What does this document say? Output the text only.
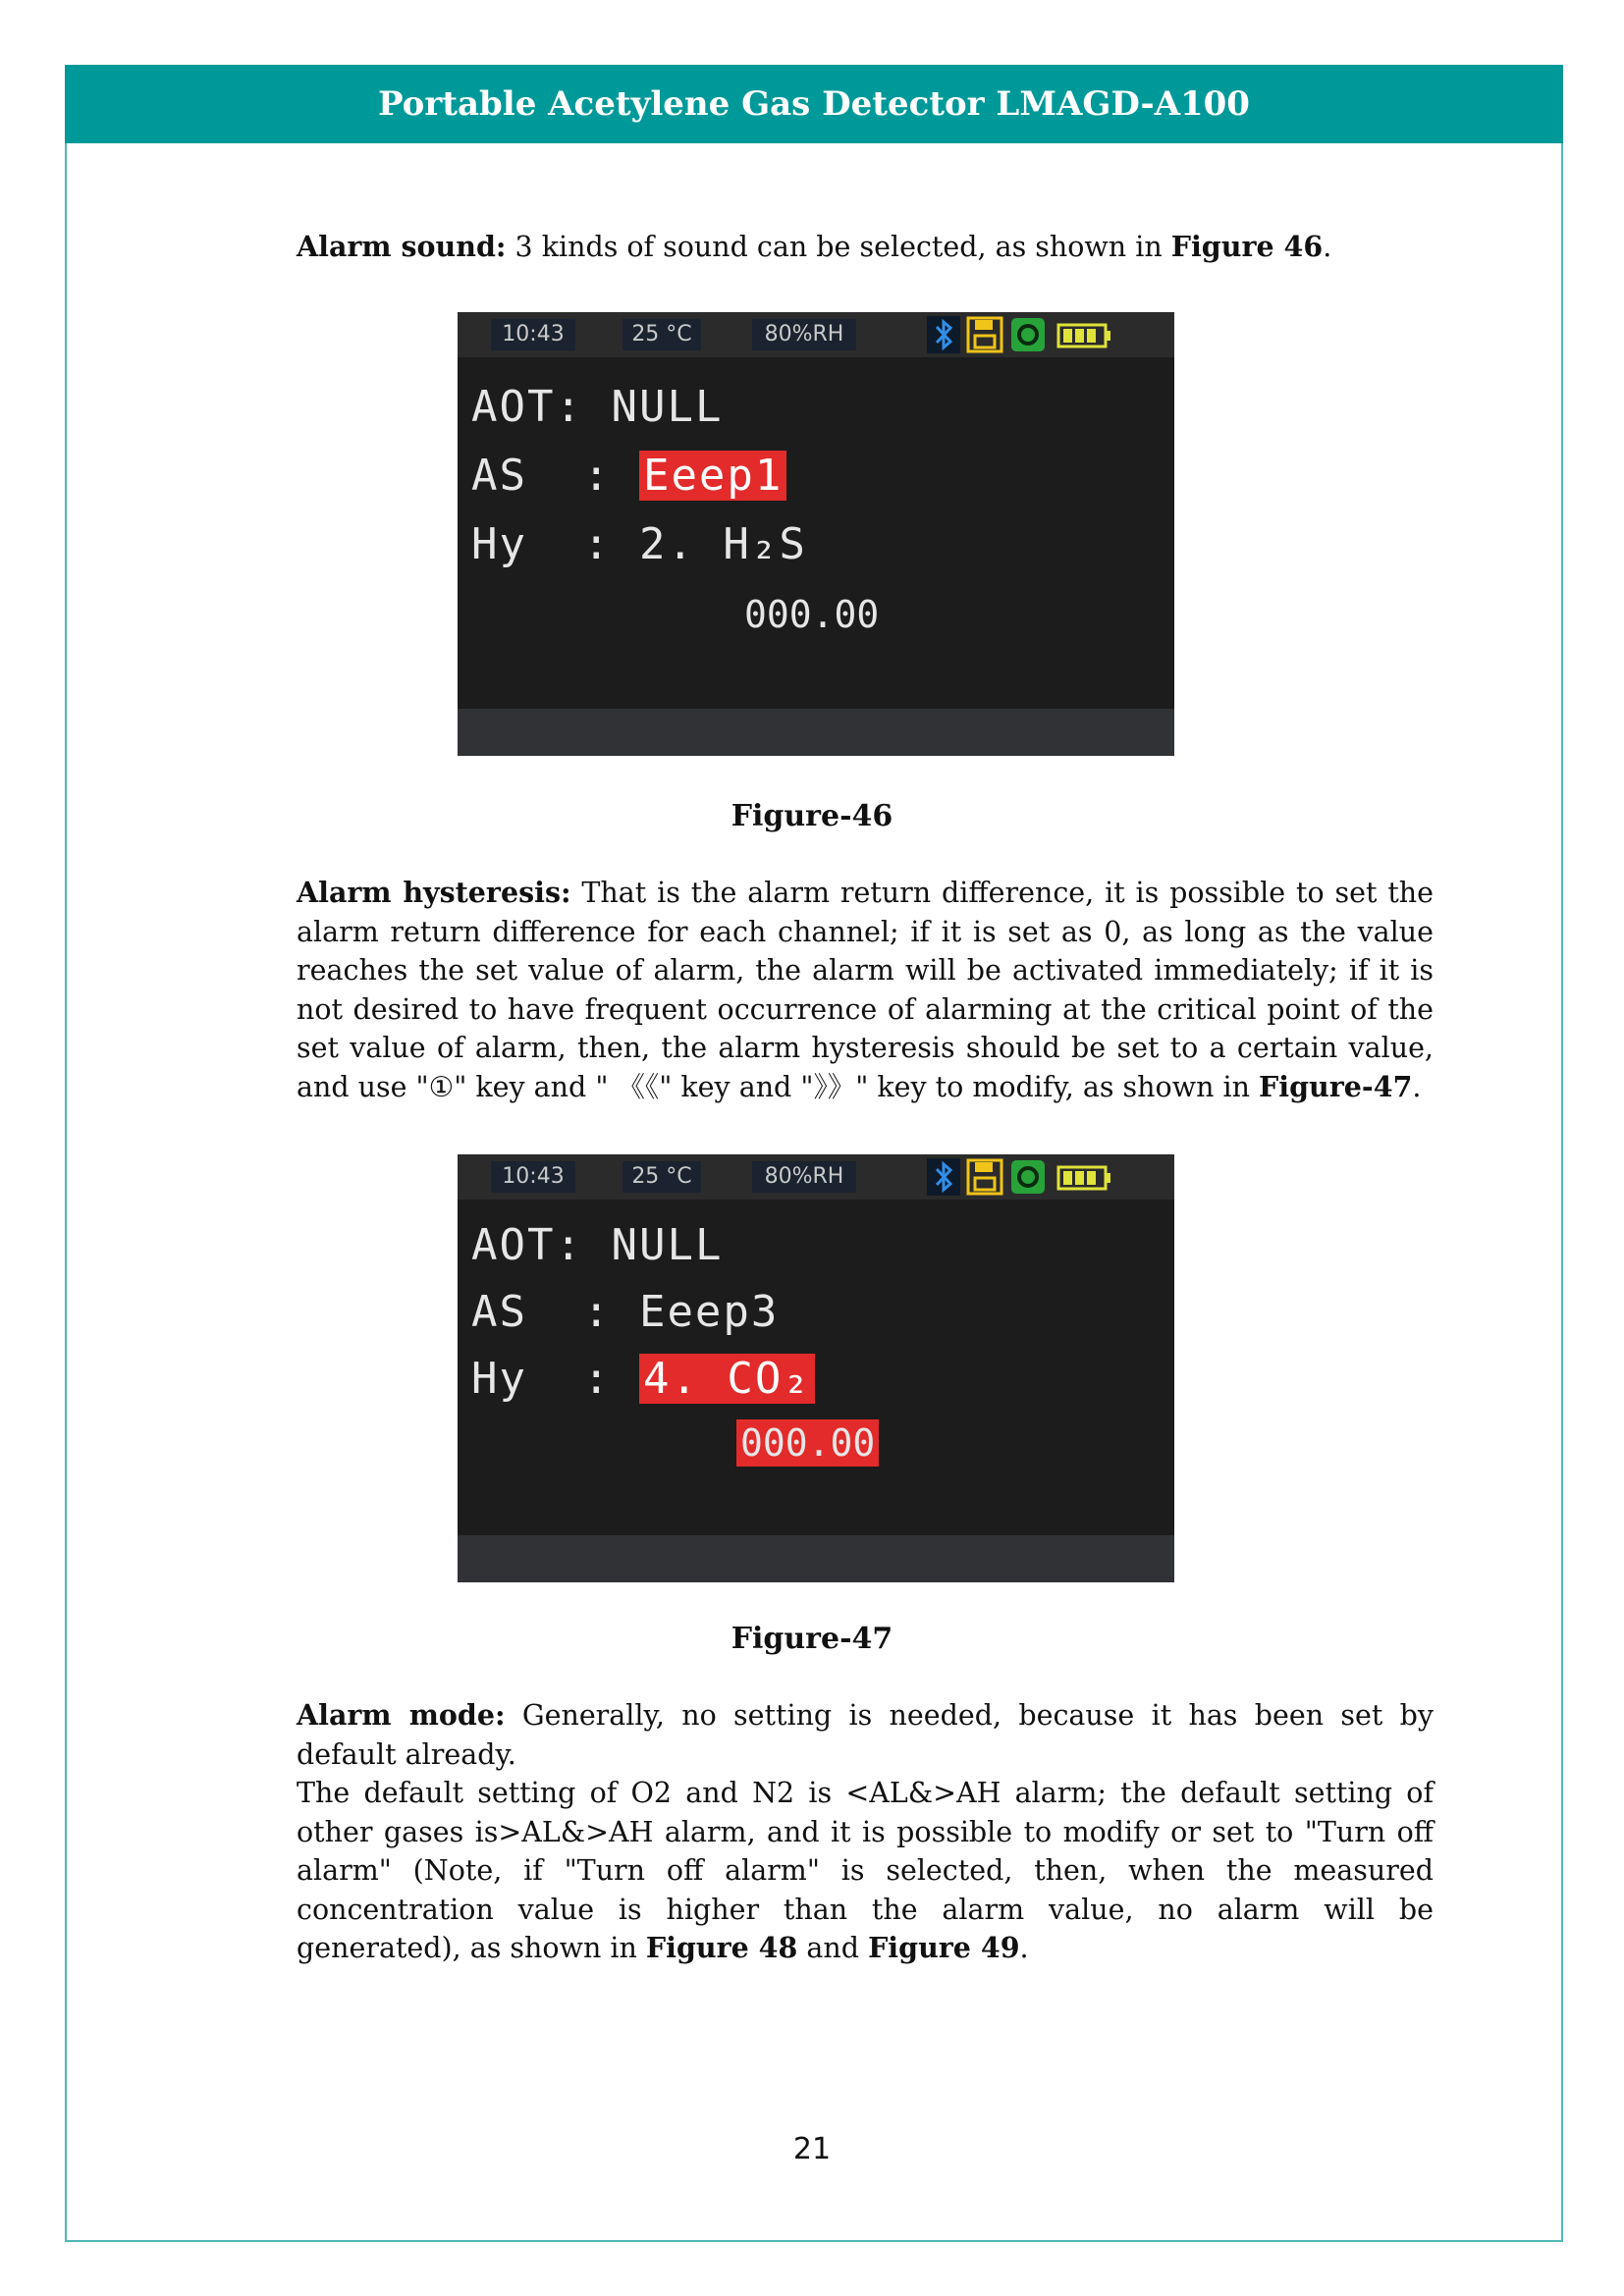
Portable Acetylene Gas Detector LMAGD-A100
Alarm sound: 3 kinds of sound can be selected, as shown in Figure 46.
10:43	25 °C	80%RH
AOT: NULL
AS  : Eeep1
Hy  : 2. H₂S
000.00
Figure-46
Alarm hysteresis: That is the alarm return difference, it is possible to set the alarm return difference for each channel; if it is set as 0, as long as the value reaches the set value of alarm, the alarm will be activated immediately; if it is not desired to have frequent occurrence of alarming at the critical point of the set value of alarm, then, the alarm hysteresis should be set to a certain value, and use "①" key and " 《《" key and "》》" key to modify, as shown in Figure-47.
10:43	25 °C	80%RH
AOT: NULL
AS  : Eeep3
Hy  : 4. CO₂
000.00
Figure-47
Alarm mode: Generally, no setting is needed, because it has been set by default already.
The default setting of O2 and N2 is <AL&>AH alarm; the default setting of other gases is>AL&>AH alarm, and it is possible to modify or set to "Turn off alarm" (Note, if "Turn off alarm" is selected, then, when the measured concentration value is higher than the alarm value, no alarm will be generated), as shown in Figure 48 and Figure 49.
21
